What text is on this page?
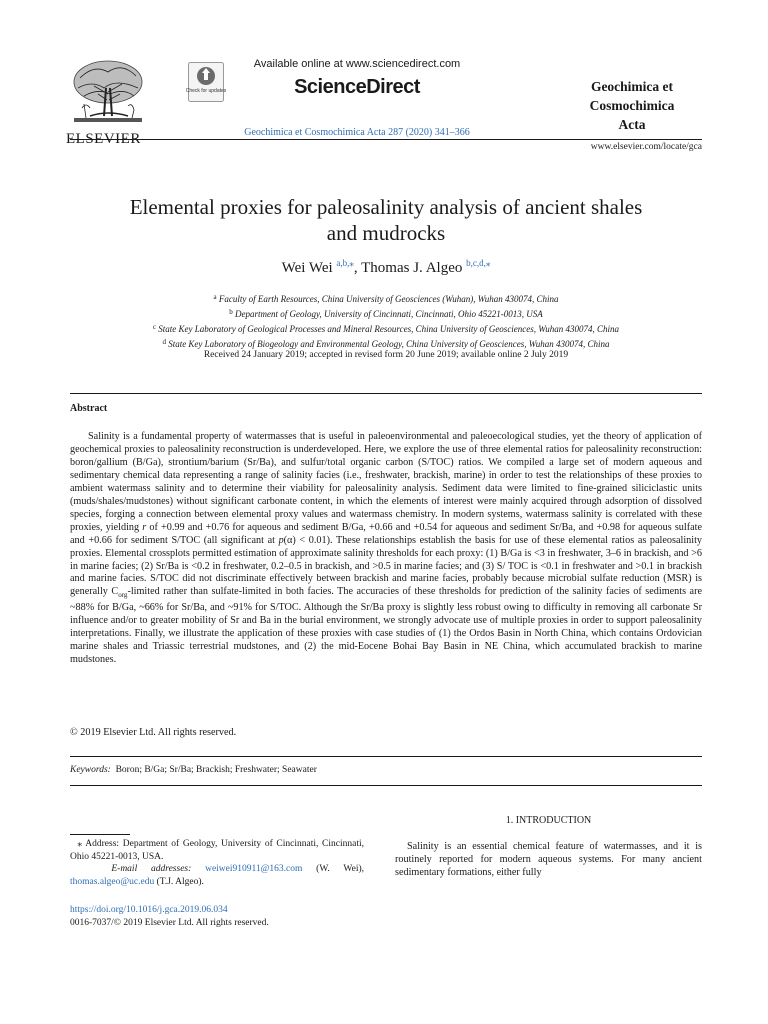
ELSEVIER
Check for updates
Available online at www.sciencedirect.com
ScienceDirect
Geochimica et Cosmochimica Acta 287 (2020) 341–366
Geochimica et
Cosmochimica
Acta
www.elsevier.com/locate/gca
Elemental proxies for paleosalinity analysis of ancient shales
and mudrocks
Wei Wei $^{a,b,⁎}$, Thomas J. Algeo $^{b,c,d,⁎}$
$^a$ Faculty of Earth Resources, China University of Geosciences (Wuhan), Wuhan 430074, China
$^b$ Department of Geology, University of Cincinnati, Cincinnati, Ohio 45221-0013, USA
$^c$ State Key Laboratory of Geological Processes and Mineral Resources, China University of Geosciences, Wuhan 430074, China
$^d$ State Key Laboratory of Biogeology and Environmental Geology, China University of Geosciences, Wuhan 430074, China
Received 24 January 2019; accepted in revised form 20 June 2019; available online 2 July 2019
Abstract

Salinity is a fundamental property of watermasses that is useful in paleoenvironmental and paleoecological studies, yet the theory of application of geochemical proxies to paleosalinity reconstruction is underdeveloped. Here, we explore the use of three elemental ratios for paleosalinity reconstruction: boron/gallium (B/Ga), strontium/barium (Sr/Ba), and sulfur/total organic carbon (S/TOC) ratios. We compiled a large set of modern aqueous and sedimentary chemical data representing a range of salinity facies (i.e., freshwater, brackish, marine) in order to test the relationships of these proxies to ambient watermass salinity and to determine their viability for paleosalinity analysis. Sediment data were limited to fine-grained siliciclastic units (muds/shales/mudstones) without significant carbonate content, in which the elements of interest were mainly acquired through adsorption of dissolved species, forging a connection between elemental proxy values and watermass chemistry. In modern systems, watermass salinity is correlated with these proxies, yielding r of +0.99 and +0.76 for aqueous and sediment B/Ga, +0.66 and +0.54 for aqueous and sediment Sr/Ba, and +0.98 for aqueous sulfate and +0.66 for sediment S/TOC (all significant at p(α) < 0.01). These relationships establish the basis for use of these elemental ratios as paleosalinity proxies. Elemental crossplots permitted estimation of approximate salinity thresholds for each proxy: (1) B/Ga is <3 in freshwater, 3–6 in brackish, and >6 in marine facies; (2) Sr/Ba is <0.2 in freshwater, 0.2–0.5 in brackish, and >0.5 in marine facies; and (3) S/ TOC is <0.1 in freshwater and >0.1 in brackish and marine facies. S/TOC did not discriminate effectively between brackish and marine facies, probably because microbial sulfate reduction (MSR) is generally $C_{org}$-limited rather than sulfate-limited in both facies. The accuracies of these thresholds for prediction of the salinity facies of sediments are ~88% for B/Ga, ~66% for Sr/Ba, and ~91% for S/TOC. Although the Sr/Ba proxy is slightly less robust owing to difficulty in removing all carbonate Sr influence and/or to greater mobility of Sr and Ba in the burial environment, we strongly advocate use of multiple proxies in order to support paleosalinity interpretations. Finally, we illustrate the application of these proxies with case studies of (1) the Ordos Basin in North China, which contains Ordovician marine shales and Triassic terrestrial mudstones, and (2) the mid-Eocene Bohai Bay Basin in NE China, which accumulated brackish to marine mudstones.

© 2019 Elsevier Ltd. All rights reserved.
Keywords: Boron; B/Ga; Sr/Ba; Brackish; Freshwater; Seawater

⁎ Address: Department of Geology, University of Cincinnati, Cincinnati, Ohio 45221-0013, USA.

E-mail addresses: weiwei910911@163.com (W. Wei), thomas.algeo@uc.edu (T.J. Algeo).

https://doi.org/10.1016/j.gca.2019.06.034
0016-7037/© 2019 Elsevier Ltd. All rights reserved.
1. INTRODUCTION

Salinity is an essential chemical feature of watermasses, and it is routinely reported for modern aqueous systems. For many ancient sedimentary formations, either fully
